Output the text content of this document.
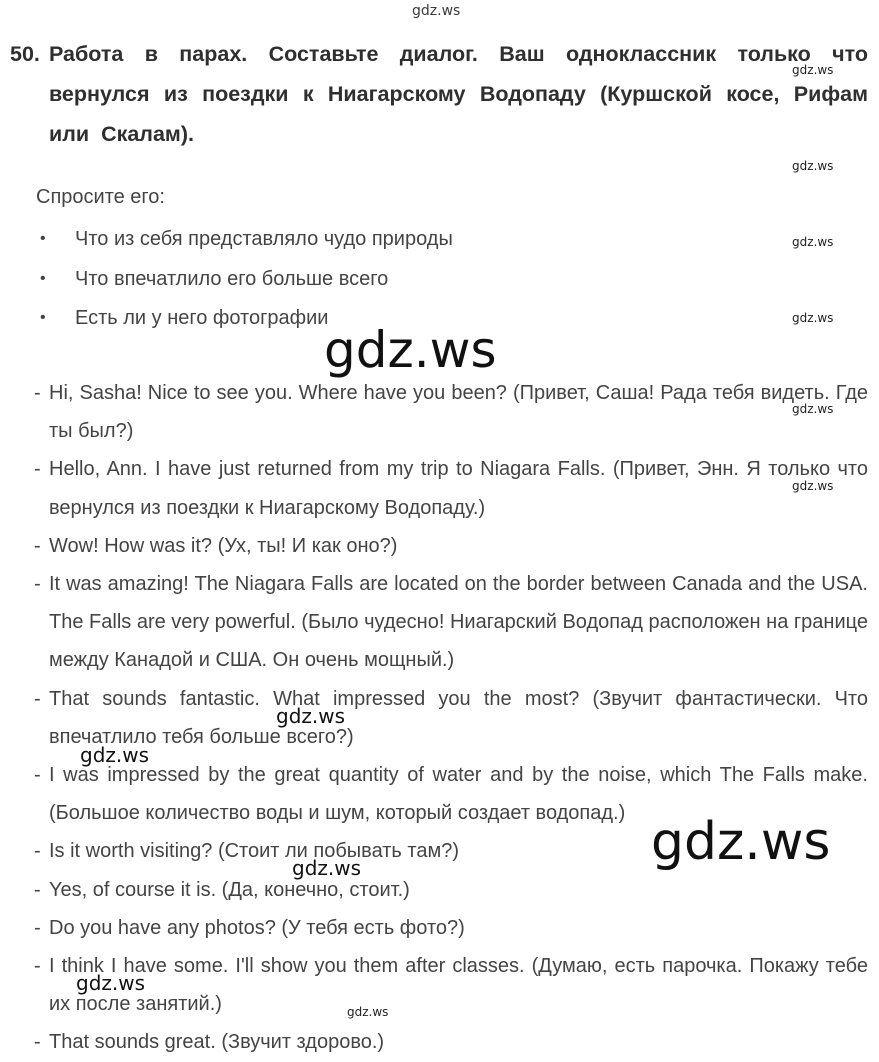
gdz.ws
gdz.ws
gdz.ws
gdz.ws
gdz.ws
gdz.ws
gdz.ws
gdz.ws
50. Работа в парах. Составьте диалог. Ваш одноклассник только что вернулся из поездки к Ниагарскому Водопаду (Куршской косе, Рифам или Скалам).
Спросите его:
•	Что из себя представляло чудо природы
•	Что впечатлило его больше всего
•	Есть ли у него фотографии
gdz.ws
- Hi, Sasha! Nice to see you. Where have you been? (Привет, Саша! Рада тебя видеть. Где ты был?)
- Hello, Ann. I have just returned from my trip to Niagara Falls. (Привет, Энн. Я только что вернулся из поездки к Ниагарскому Водопаду.)
- Wow! How was it? (Ух, ты! И как оно?)
- It was amazing! The Niagara Falls are located on the border between Canada and the USA. The Falls are very powerful. (Было чудесно! Ниагарский Водопад расположен на границе между Канадой и США. Он очень мощный.)
- That sounds fantastic. What impressed you the most? (Звучит фантастически. Что впечатлило тебя больше всего?)
- I was impressed by the great quantity of water and by the noise, which The Falls make. (Большое количество воды и шум, который создает водопад.)
- Is it worth visiting? (Стоит ли побывать там?)
- Yes, of course it is. (Да, конечно, стоит.)
- Do you have any photos? (У тебя есть фото?)
- I think I have some. I'll show you them after classes. (Думаю, есть парочка. Покажу тебе их после занятий.)
- That sounds great. (Звучит здорово.)
gdz.ws
gdz.ws
gdz.ws
gdz.ws
gdz.ws
